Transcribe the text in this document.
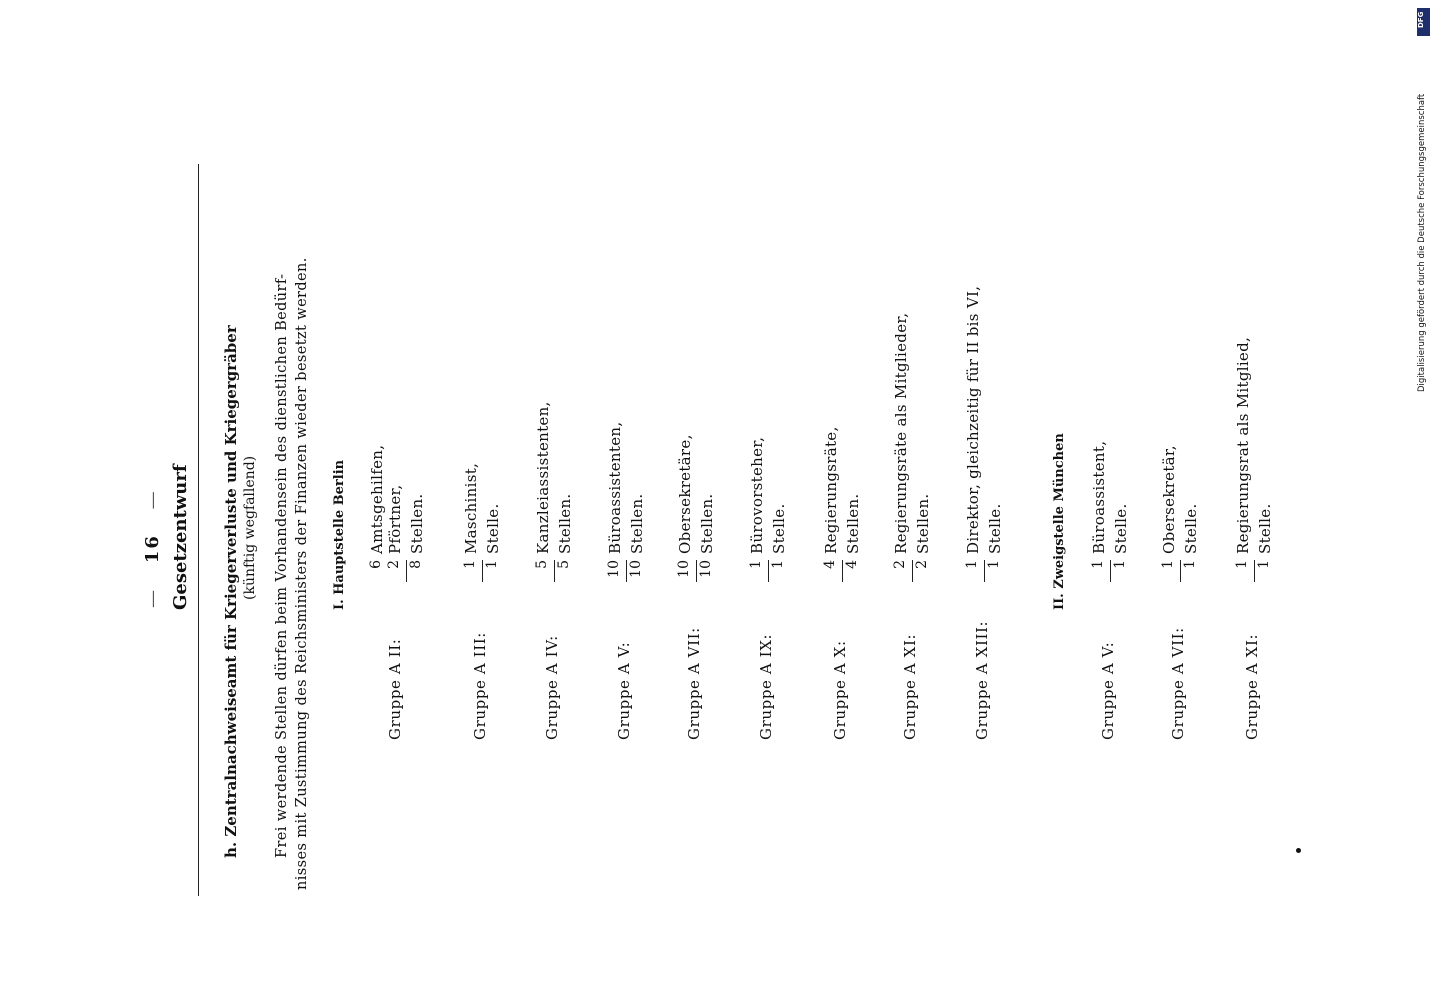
—   16   — Gesetzentwurf h. Zentralnachweiseamt für Kriegerverluste und Kriegergräber (künftig wegfallend) Frei werdende Stellen dürfen beim Vorhandensein des dienstlichen Bedürf- nisses mit Zustimmung des Reichsministers der Finanzen wieder besetzt werden. I. Hauptstelle Berlin
Gruppe A II:
6
Amtsgehilfen,
2
Pförtner,
8
Stellen.
Gruppe A III:
1
Maschinist,
1
Stelle.
Gruppe A IV:
5
Kanzleiassistenten,
5
Stellen.
Gruppe A V:
10
Büroassistenten,
10
Stellen.
Gruppe A VII:
10
Obersekretäre,
10
Stellen.
Gruppe A IX:
1
Bürovorsteher,
1
Stelle.
Gruppe A X:
4
Regierungsräte,
4
Stellen.
Gruppe A XI:
2
Regierungsräte als Mitglieder,
2
Stellen.
Gruppe A XIII:
1
Direktor, gleichzeitig für II bis VI,
1
Stelle.	II. Zweigstelle München
Gruppe A V:
1
Büroassistent,
1
Stelle.
Gruppe A VII:
1
Obersekretär,
1
Stelle.
Gruppe A XI:
1
Regierungsrat als Mitglied,
1
Stelle.
DFG
Digitalisierung gefördert durch die Deutsche Forschungsgemeinschaft
